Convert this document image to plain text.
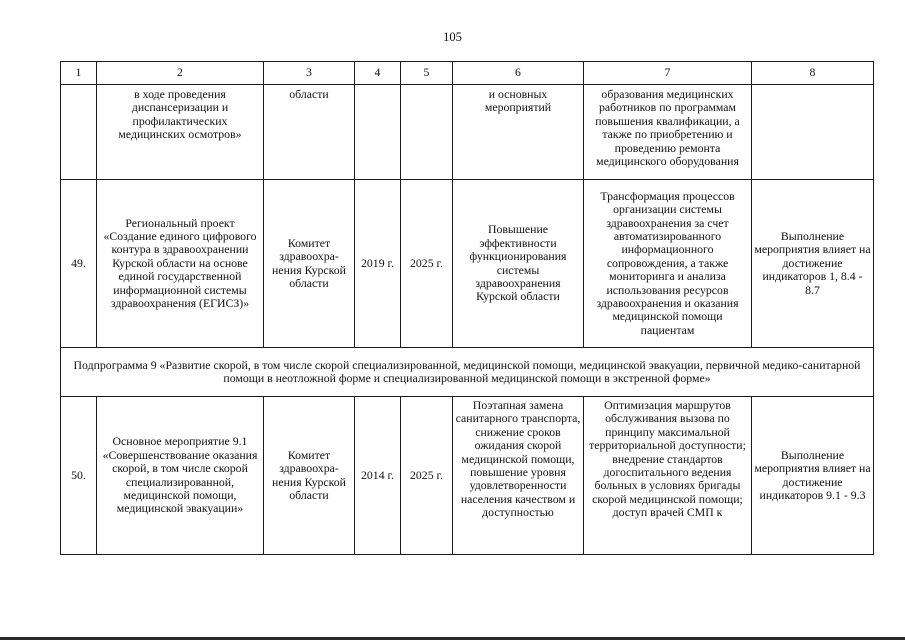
105
1	2	3	4	5	6	7	8
	в ходе проведения диспансеризации и профилактических медицинских осмотров»	области			и основных мероприятий	образования медицинских работников по программам повышения квалификации, а также по приобретению и проведению ремонта медицинского оборудования	
49.	Региональный проект «Создание единого цифрового контура в здравоохранении Курской области на основе единой государственной информационной системы здравоохранения (ЕГИСЗ)»	Комитет здравоохра-нения Курской области	2019 г.	2025 г.	Повышение эффективности функционирования системы здравоохранения Курской области	Трансформация процессов организации системы здравоохранения за счет автоматизированного информационного сопровождения, а также мониторинга и анализа использования ресурсов здравоохранения и оказания медицинской помощи пациентам	Выполнение мероприятия влияет на достижение индикаторов 1, 8.4 - 8.7
Подпрограмма 9 «Развитие скорой, в том числе скорой специализированной, медицинской помощи, медицинской эвакуации, первичной медико-санитарной помощи в неотложной форме и специализированной медицинской помощи в экстренной форме»							
50.	Основное мероприятие 9.1 «Совершенствование оказания скорой, в том числе скорой специализированной, медицинской помощи, медицинской эвакуации»	Комитет здравоохра-нения Курской области	2014 г.	2025 г.	Поэтапная замена санитарного транспорта, снижение сроков ожидания скорой медицинской помощи, повышение уровня удовлетворенности населения качеством и доступностью	Оптимизация маршрутов обслуживания вызова по принципу максимальной территориальной доступности; внедрение стандартов догоспитального ведения больных в условиях бригады скорой медицинской помощи; доступ врачей СМП к	Выполнение мероприятия влияет на достижение индикаторов 9.1 - 9.3
